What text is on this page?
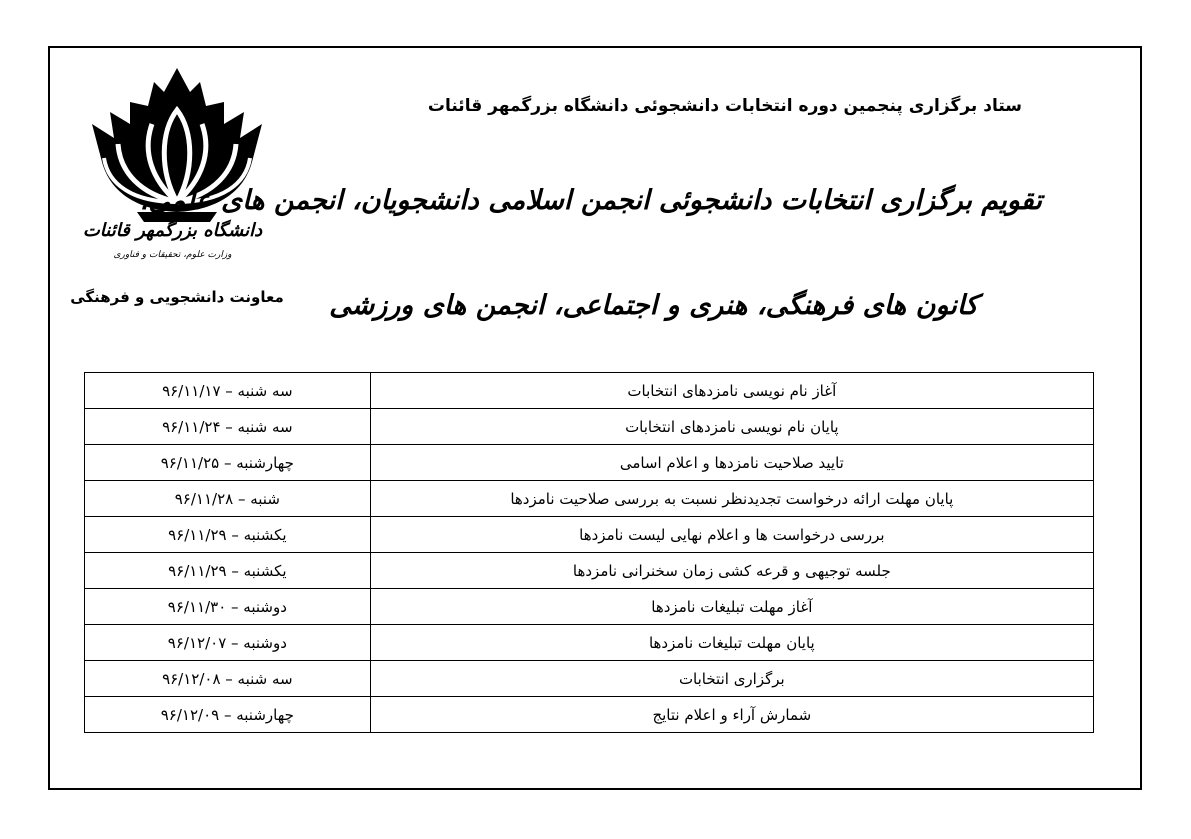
دانشگاه بزرگمهر قائنات
وزارت علوم، تحقیقات و فناوری
معاونت دانشجویی و فرهنگی
ستاد برگزاری پنجمین دوره انتخابات دانشجوئی دانشگاه بزرگمهر قائنات
تقویم برگزاری انتخابات دانشجوئی انجمن اسلامی دانشجویان، انجمن های علمی،
کانون های فرهنگی، هنری و اجتماعی، انجمن های ورزشی
آغاز نام نویسی نامزدهای انتخابات	سه شنبه – ۹۶/۱۱/۱۷
پایان نام نویسی نامزدهای انتخابات	سه شنبه – ۹۶/۱۱/۲۴
تایید صلاحیت نامزدها و اعلام اسامی	چهارشنبه – ۹۶/۱۱/۲۵
پایان مهلت ارائه درخواست تجدیدنظر نسبت به بررسی صلاحیت نامزدها	شنبه – ۹۶/۱۱/۲۸
بررسی درخواست ها و اعلام نهایی لیست نامزدها	یکشنبه – ۹۶/۱۱/۲۹
جلسه توجیهی و قرعه کشی زمان سخنرانی نامزدها	یکشنبه – ۹۶/۱۱/۲۹
آغاز مهلت تبلیغات نامزدها	دوشنبه – ۹۶/۱۱/۳۰
پایان مهلت تبلیغات نامزدها	دوشنبه – ۹۶/۱۲/۰۷
برگزاری انتخابات	سه شنبه – ۹۶/۱۲/۰۸
شمارش آراء و اعلام نتایج	چهارشنبه – ۹۶/۱۲/۰۹
